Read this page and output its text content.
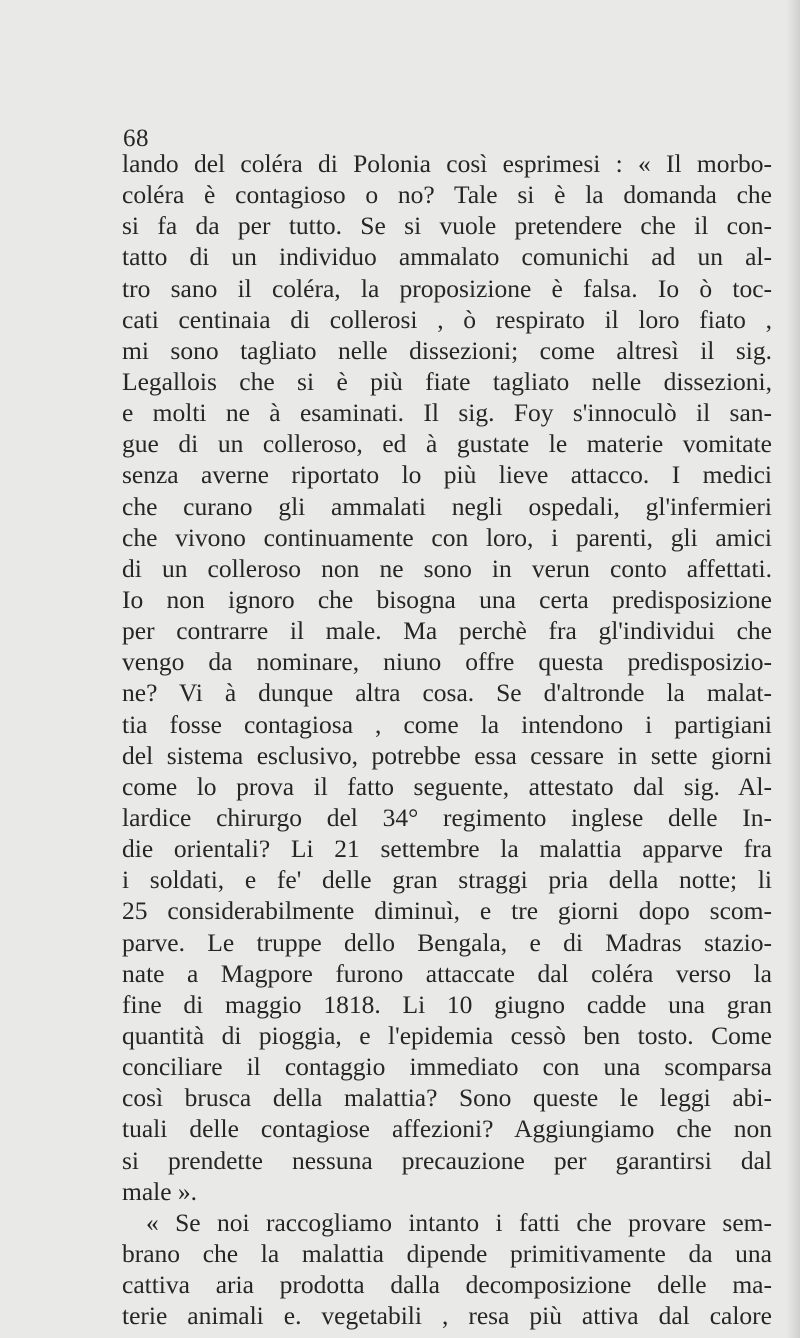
68
lando del coléra di Polonia così esprimesi : « Il morbo-
coléra è contagioso o no? Tale si è la domanda che
si fa da per tutto. Se si vuole pretendere che il con-
tatto di un individuo ammalato comunichi ad un al-
tro sano il coléra, la proposizione è falsa. Io ò toc-
cati centinaia di collerosi , ò respirato il loro fiato ,
mi sono tagliato nelle dissezioni; come altresì il sig.
Legallois che si è più fiate tagliato nelle dissezioni,
e molti ne à esaminati. Il sig. Foy s'innoculò il san-
gue di un colleroso, ed à gustate le materie vomitate
senza averne riportato lo più lieve attacco. I medici
che curano gli ammalati negli ospedali, gl'infermieri
che vivono continuamente con loro, i parenti, gli amici
di un colleroso non ne sono in verun conto affettati.
Io non ignoro che bisogna una certa predisposizione
per contrarre il male. Ma perchè fra gl'individui che
vengo da nominare, niuno offre questa predisposizio-
ne? Vi à dunque altra cosa. Se d'altronde la malat-
tia fosse contagiosa , come la intendono i partigiani
del sistema esclusivo, potrebbe essa cessare in sette giorni
come lo prova il fatto seguente, attestato dal sig. Al-
lardice chirurgo del 34° regimento inglese delle In-
die orientali? Li 21 settembre la malattia apparve fra
i soldati, e fe' delle gran straggi pria della notte; li
25 considerabilmente diminuì, e tre giorni dopo scom-
parve. Le truppe dello Bengala, e di Madras stazio-
nate a Magpore furono attaccate dal coléra verso la
fine di maggio 1818. Li 10 giugno cadde una gran
quantità di pioggia, e l'epidemia cessò ben tosto. Come
conciliare il contaggio immediato con una scomparsa
così brusca della malattia? Sono queste le leggi abi-
tuali delle contagiose affezioni? Aggiungiamo che non
si prendette nessuna precauzione per garantirsi dal
male ».
« Se noi raccogliamo intanto i fatti che provare sem-
brano che la malattia dipende primitivamente da una
cattiva aria prodotta dalla decomposizione delle ma-
terie animali e. vegetabili , resa più attiva dal calore
